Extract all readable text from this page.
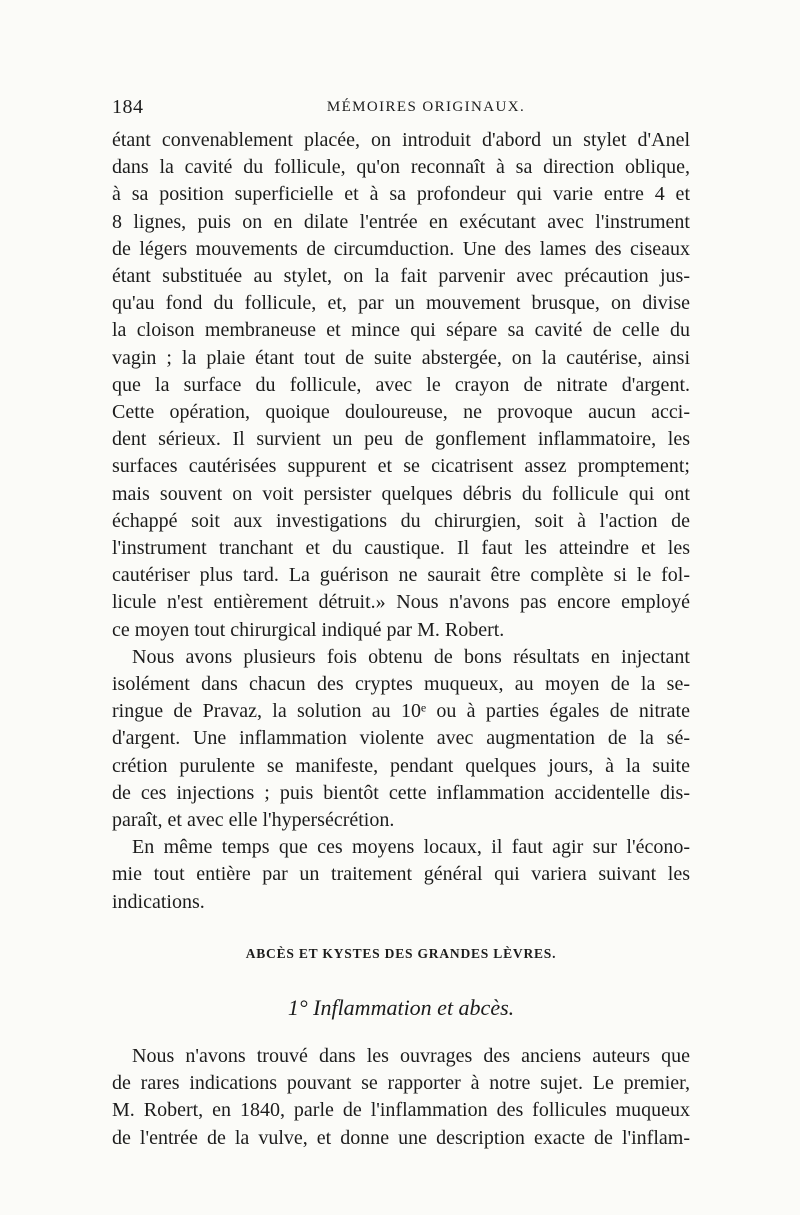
184	MÉMOIRES ORIGINAUX.
étant convenablement placée, on introduit d'abord un stylet d'Anel
dans la cavité du follicule, qu'on reconnaît à sa direction oblique,
à sa position superficielle et à sa profondeur qui varie entre 4 et
8 lignes, puis on en dilate l'entrée en exécutant avec l'instrument
de légers mouvements de circumduction. Une des lames des ciseaux
étant substituée au stylet, on la fait parvenir avec précaution jus-
qu'au fond du follicule, et, par un mouvement brusque, on divise
la cloison membraneuse et mince qui sépare sa cavité de celle du
vagin ; la plaie étant tout de suite abstergée, on la cautérise, ainsi
que la surface du follicule, avec le crayon de nitrate d'argent.
Cette opération, quoique douloureuse, ne provoque aucun acci-
dent sérieux. Il survient un peu de gonflement inflammatoire, les
surfaces cautérisées suppurent et se cicatrisent assez promptement;
mais souvent on voit persister quelques débris du follicule qui ont
échappé soit aux investigations du chirurgien, soit à l'action de
l'instrument tranchant et du caustique. Il faut les atteindre et les
cautériser plus tard. La guérison ne saurait être complète si le fol-
licule n'est entièrement détruit.» Nous n'avons pas encore employé
ce moyen tout chirurgical indiqué par M. Robert.
Nous avons plusieurs fois obtenu de bons résultats en injectant
isolément dans chacun des cryptes muqueux, au moyen de la se-
ringue de Pravaz, la solution au 10ᵉ ou à parties égales de nitrate
d'argent. Une inflammation violente avec augmentation de la sé-
crétion purulente se manifeste, pendant quelques jours, à la suite
de ces injections ; puis bientôt cette inflammation accidentelle dis-
paraît, et avec elle l'hypersécrétion.
En même temps que ces moyens locaux, il faut agir sur l'écono-
mie tout entière par un traitement général qui variera suivant les
indications.
ABCÈS ET KYSTES DES GRANDES LÈVRES.
1° Inflammation et abcès.
Nous n'avons trouvé dans les ouvrages des anciens auteurs que
de rares indications pouvant se rapporter à notre sujet. Le premier,
M. Robert, en 1840, parle de l'inflammation des follicules muqueux
de l'entrée de la vulve, et donne une description exacte de l'inflam-
